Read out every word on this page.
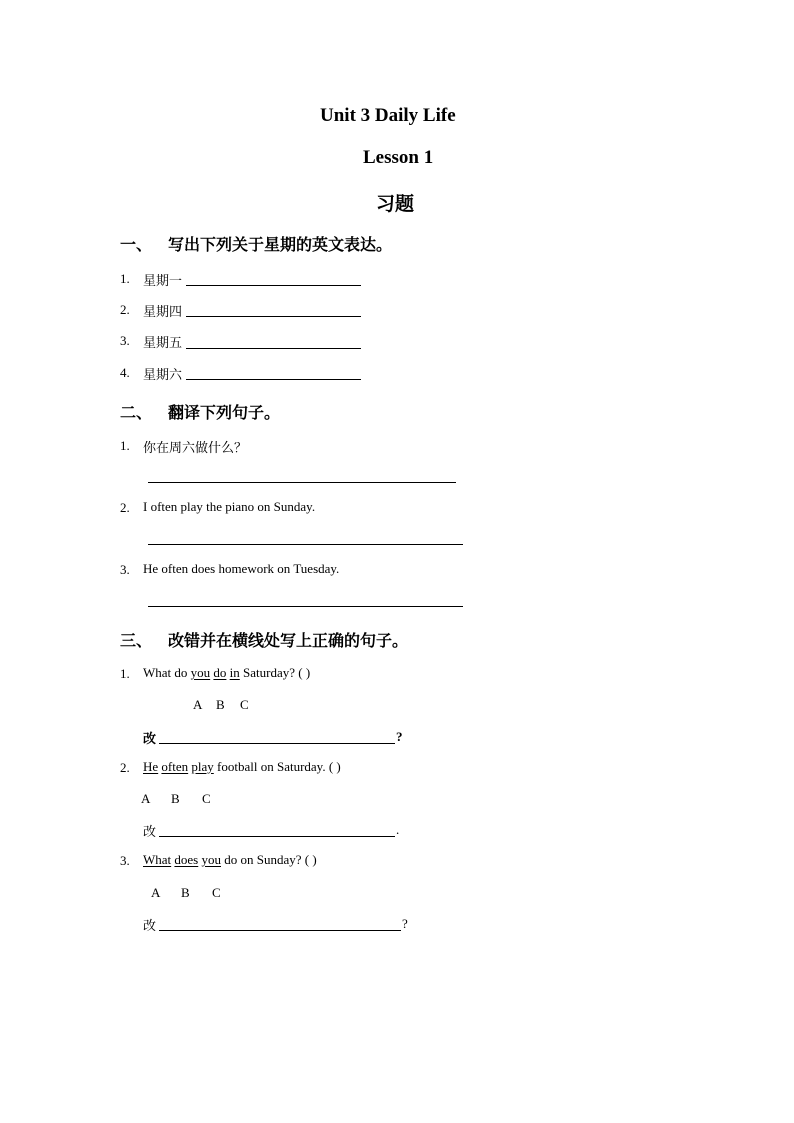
Unit 3 Daily Life
Lesson 1
习题
一、 写出下列关于星期的英文表达。
1. 星期一
2. 星期四
3. 星期五
4. 星期六
二、 翻译下列句子。
1. 你在周六做什么？
2. I often play the piano on Sunday.
3. He often does homework on Tuesday.
三、 改错并在横线处写上正确的句子。
1. What do you do in Saturday? ( )
A B C
改	?
2. He often play football on Saturday. ( )
A B C
改	.
3. What does you do on Sunday? ( )
A B C
改	?
